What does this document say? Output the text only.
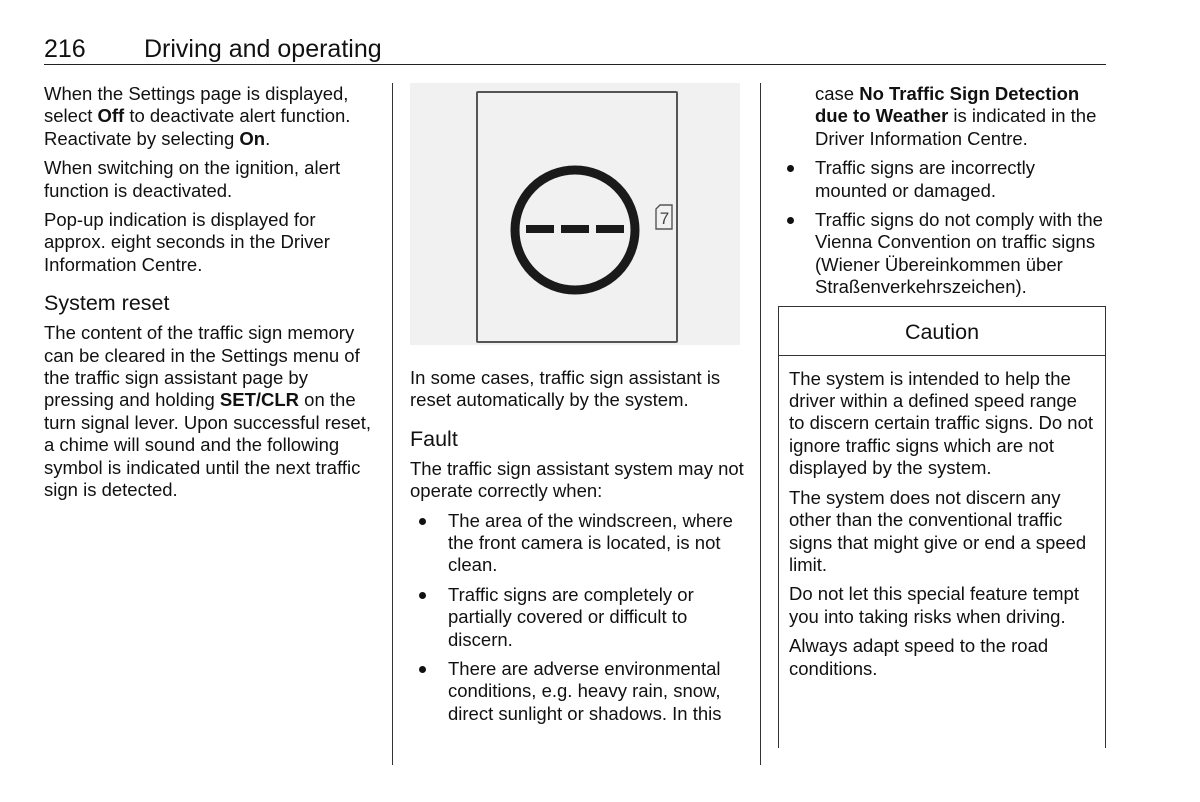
216 Driving and operating

When the Settings page is displayed, select Off to deactivate alert function. Reactivate by selecting On.

When switching on the ignition, alert function is deactivated.

Pop-up indication is displayed for approx. eight seconds in the Driver Information Centre.

System reset

The content of the traffic sign memory can be cleared in the Settings menu of the traffic sign assistant page by pressing and holding SET/CLR on the turn signal lever. Upon successful reset, a chime will sound and the following symbol is indicated until the next traffic sign is detected.

7

In some cases, traffic sign assistant is reset automatically by the system.

Fault

The traffic sign assistant system may not operate correctly when:

The area of the windscreen, where the front camera is located, is not clean.
Traffic signs are completely or partially covered or difficult to discern.
There are adverse environmental conditions, e.g. heavy rain, snow, direct sunlight or shadows. In this

case No Traffic Sign Detection due to Weather is indicated in the Driver Information Centre.

Traffic signs are incorrectly mounted or damaged.
Traffic signs do not comply with the Vienna Convention on traffic signs (Wiener Übereinkommen über Straßenverkehrszeichen).
Caution

The system is intended to help the driver within a defined speed range to discern certain traffic signs. Do not ignore traffic signs which are not displayed by the system.

The system does not discern any other than the conventional traffic signs that might give or end a speed limit.

Do not let this special feature tempt you into taking risks when driving.

Always adapt speed to the road conditions.
